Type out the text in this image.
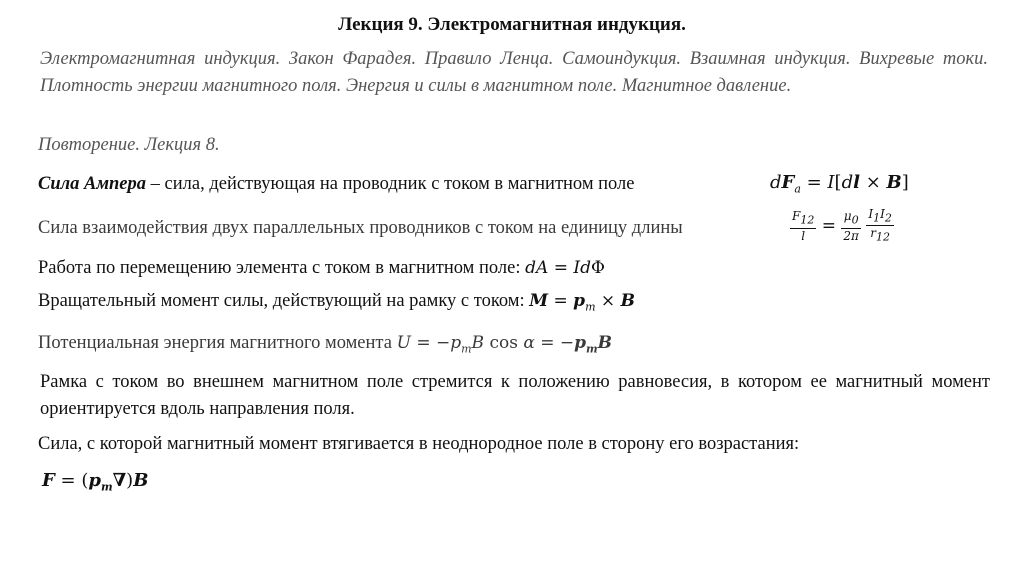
Лекция 9. Электромагнитная индукция.
Электромагнитная индукция. Закон Фарадея. Правило Ленца. Самоиндукция. Взаимная индукция. Вихревые токи. Плотность энергии магнитного поля. Энергия и силы в магнитном поле. Магнитное давление.
Повторение. Лекция 8.
Сила Ампера – сила, действующая на проводник с током в магнитном поле	$dF_a = I[dl \times B]$
Сила взаимодействия двух параллельных проводников с током на единицу длины	$\frac{F_{12}}{l} = \frac{\mu_0}{2\pi}$
$\frac{I_1I_2}{r_{12}}$
Работа по перемещению элемента с током в магнитном поле: dA = IdΦ
Вращательный момент силы, действующий на рамку с током: $M = p_m \times B$
Потенциальная энергия магнитного момента $U = -p_mB$ $\cos \alpha = -p_mB$
Рамка с током во внешнем магнитном поле стремится к положению равновесия, в котором ее магнитный момент ориентируется вдоль направления поля.
Сила, с которой магнитный момент втягивается в неоднородное поле в сторону его возрастания:
$F = (p_m\nabla)B$
